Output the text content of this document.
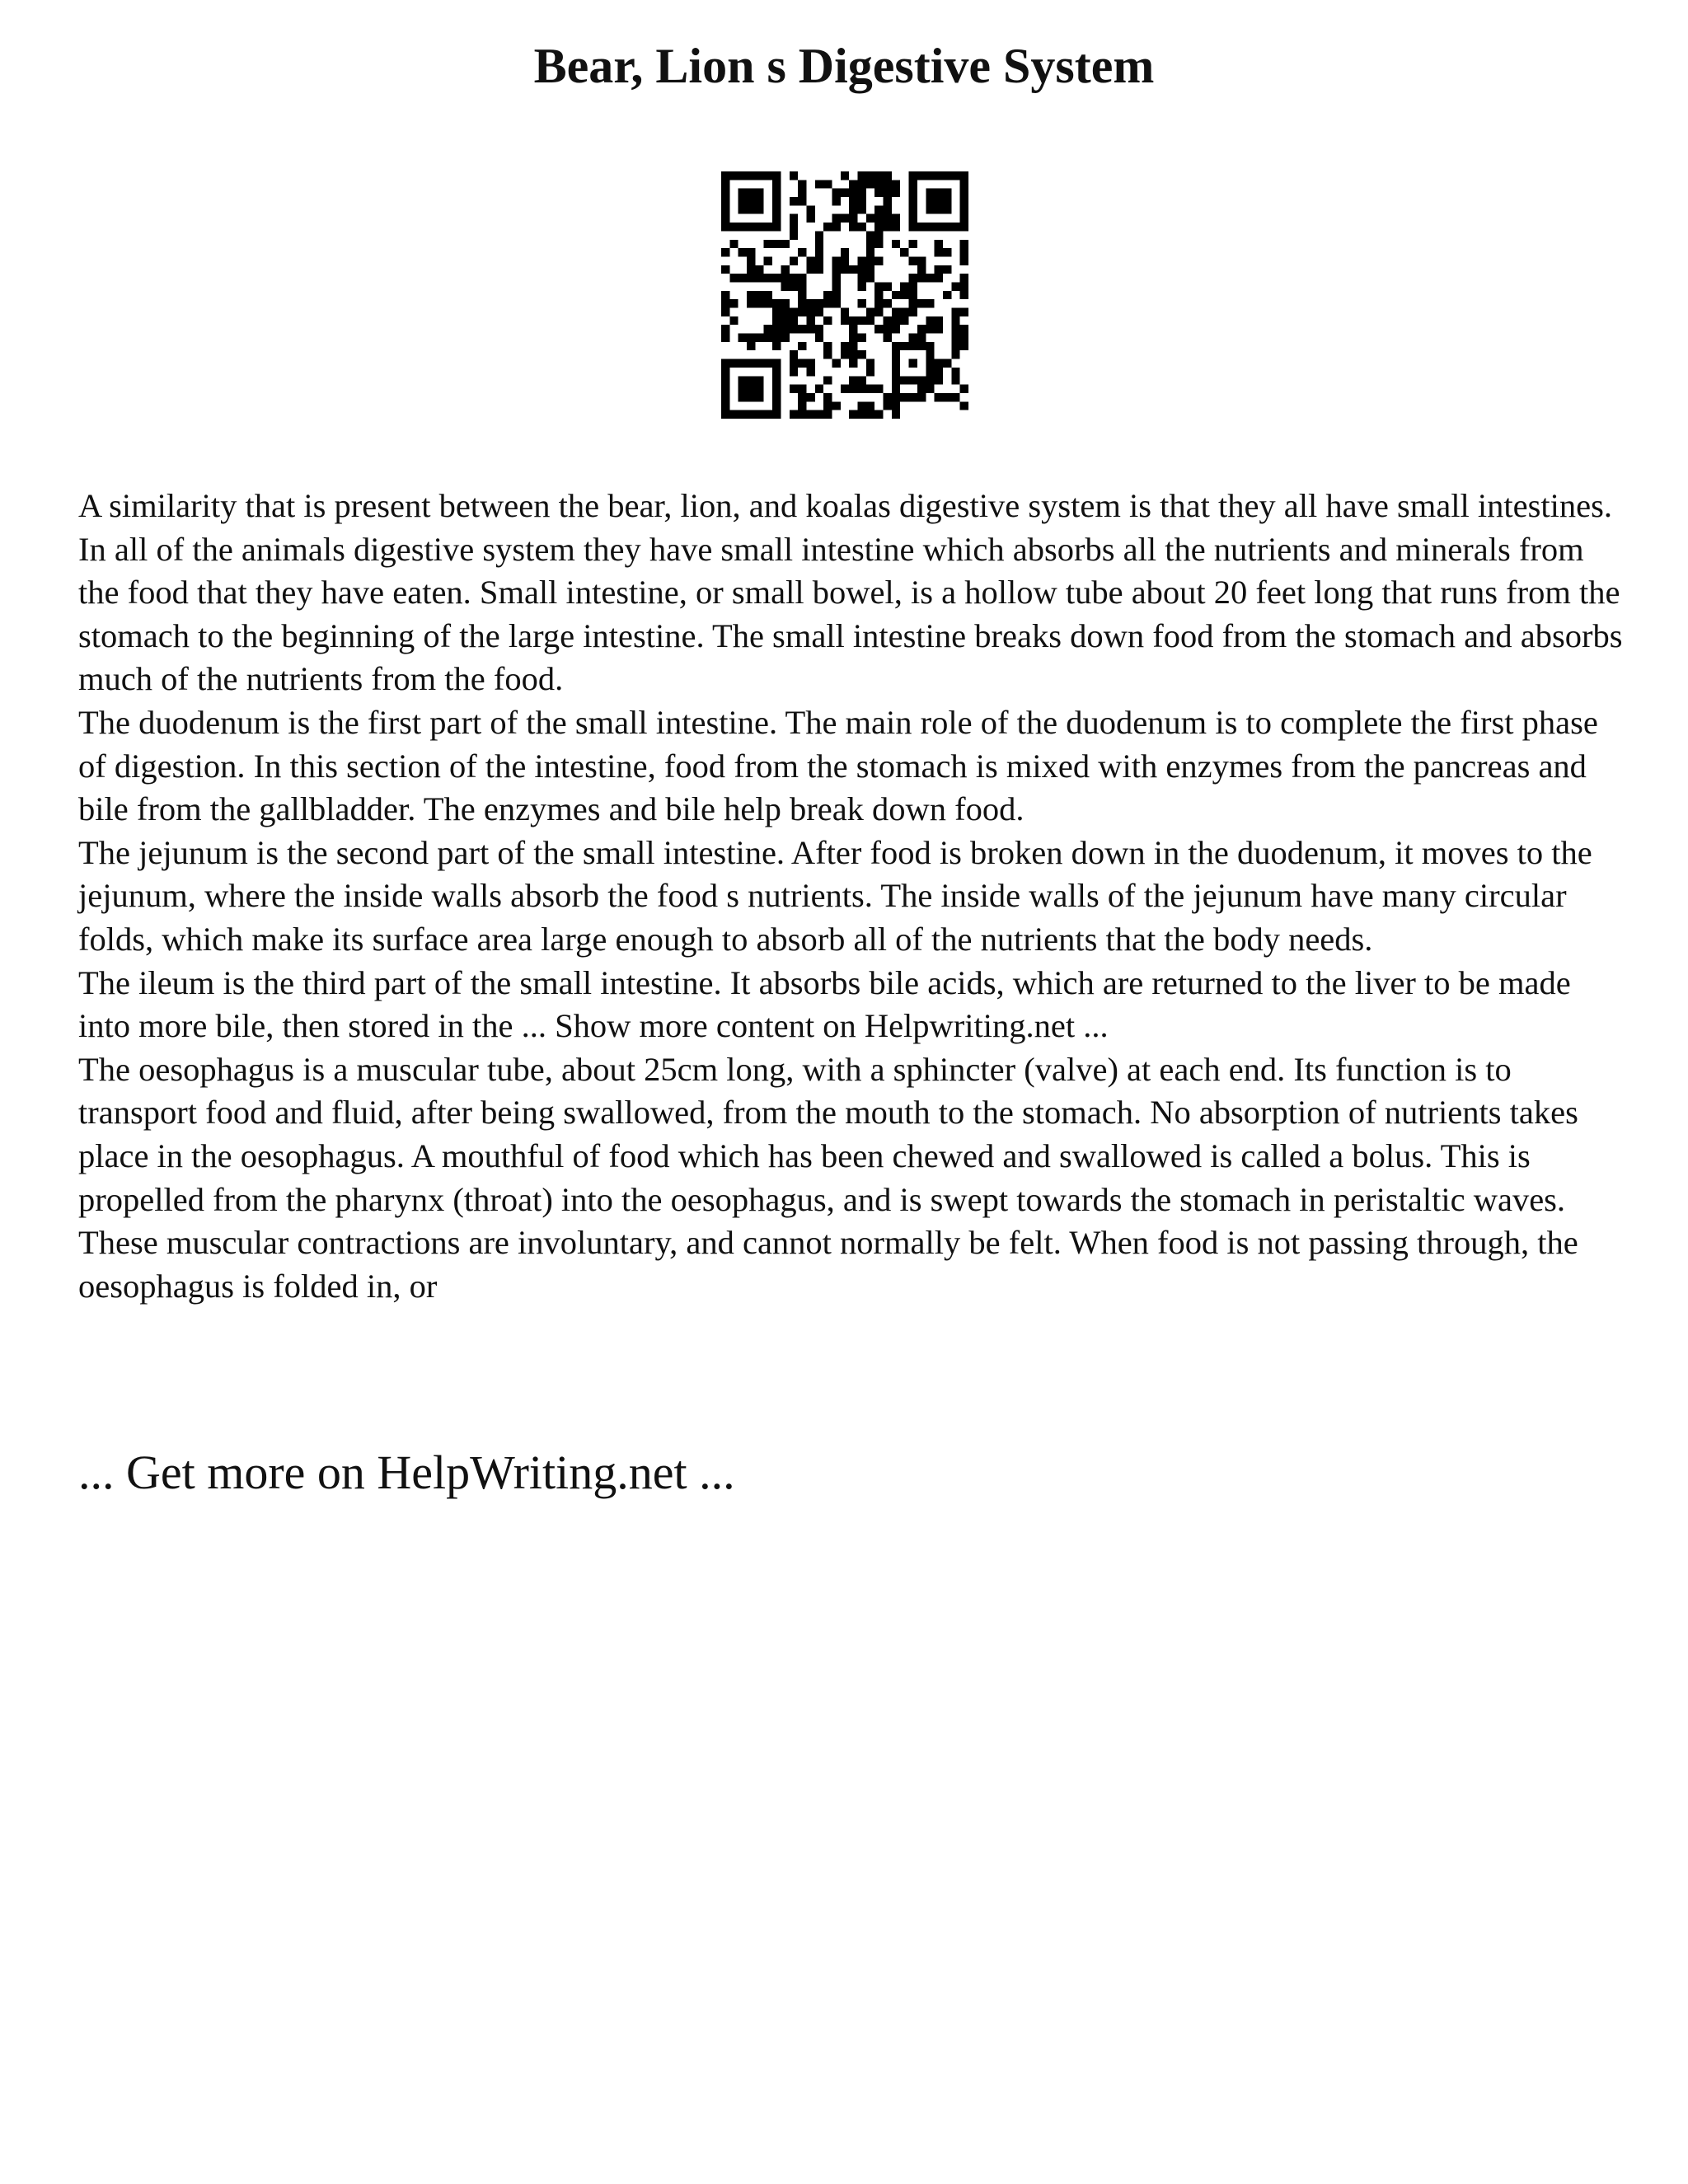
Bear, Lion s Digestive System

A similarity that is present between the bear, lion, and koalas digestive system is that they all have small intestines. In all of the animals digestive system they have small intestine which absorbs all the nutrients and minerals from the food that they have eaten. Small intestine, or small bowel, is a hollow tube about 20 feet long that runs from the stomach to the beginning of the large intestine. The small intestine breaks down food from the stomach and absorbs much of the nutrients from the food.

The duodenum is the first part of the small intestine. The main role of the duodenum is to complete the first phase of digestion. In this section of the intestine, food from the stomach is mixed with enzymes from the pancreas and bile from the gallbladder. The enzymes and bile help break down food.

The jejunum is the second part of the small intestine. After food is broken down in the duodenum, it moves to the jejunum, where the inside walls absorb the food s nutrients. The inside walls of the jejunum have many circular folds, which make its surface area large enough to absorb all of the nutrients that the body needs.

The ileum is the third part of the small intestine. It absorbs bile acids, which are returned to the liver to be made into more bile, then stored in the ... Show more content on Helpwriting.net ...

The oesophagus is a muscular tube, about 25cm long, with a sphincter (valve) at each end. Its function is to transport food and fluid, after being swallowed, from the mouth to the stomach. No absorption of nutrients takes place in the oesophagus. A mouthful of food which has been chewed and swallowed is called a bolus. This is propelled from the pharynx (throat) into the oesophagus, and is swept towards the stomach in peristaltic waves. These muscular contractions are involuntary, and cannot normally be felt. When food is not passing through, the oesophagus is folded in, or

... Get more on HelpWriting.net ...
